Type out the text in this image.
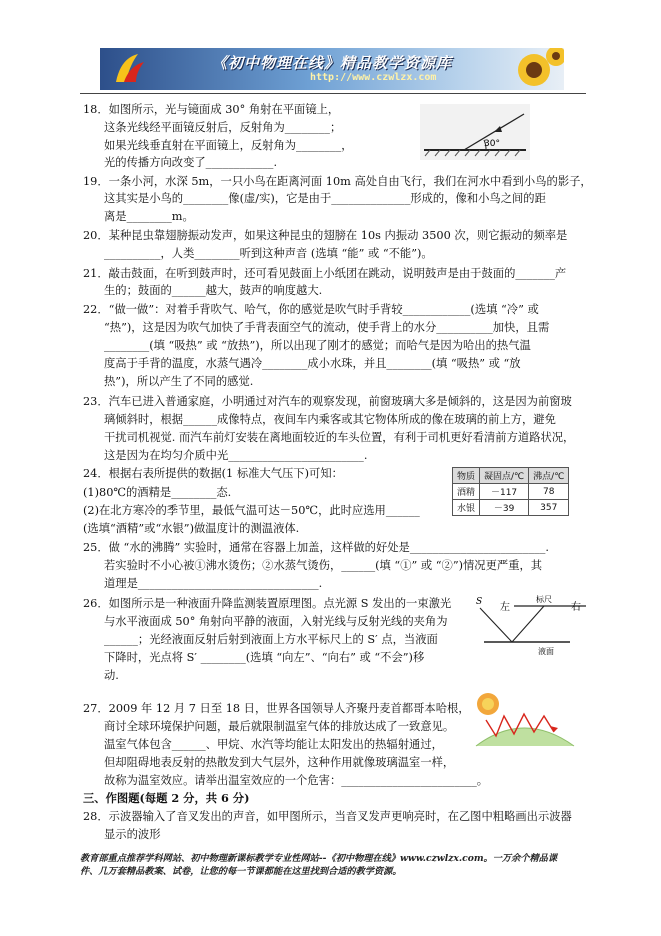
《初中物理在线》精品教学资源库
http://www.czwlzx.com
18．如图所示，光与镜面成 30° 角射在平面镜上，
这条光线经平面镜反射后，反射角为________；
如果光线垂直射在平面镜上，反射角为________，
光的传播方向改变了____________.
19．一条小河，水深 5m，一只小鸟在距离河面 10m 高处自由飞行，我们在河水中看到小鸟的影子，
这其实是小鸟的________像(虚/实)，它是由于______________形成的，像和小鸟之间的距
离是________m。
20．某种昆虫靠翅膀振动发声，如果这种昆虫的翅膀在 10s 内振动 3500 次，则它振动的频率是
__________，人类________听到这种声音 (选填 “能” 或 “不能”)。
21．敲击鼓面，在听到鼓声时，还可看见鼓面上小纸团在跳动，说明鼓声是由于鼓面的_______产
生的；鼓面的______越大，鼓声的响度越大.
22．“做一做”：对着手背吹气、哈气，你的感觉是吹气时手背较____________(选填 “冷” 或
“热”)，这是因为吹气加快了手背表面空气的流动，使手背上的水分__________加快，且需
________(填 “吸热” 或 “放热”)，所以出现了刚才的感觉；而哈气是因为哈出的热气温
度高于手背的温度，水蒸气遇冷________成小水珠，并且________(填 “吸热” 或 “放
热”)，所以产生了不同的感觉.
23．汽车已进入普通家庭，小明通过对汽车的观察发现，前窗玻璃大多是倾斜的，这是因为前窗玻
璃倾斜时，根据______成像特点，夜间车内乘客或其它物体所成的像在玻璃的前上方，避免
干扰司机视觉. 而汽车前灯安装在离地面较近的车头位置，有利于司机更好看清前方道路状况，
这是因为在均匀介质中光________________________.
24．根据右表所提供的数据(1 标准大气压下)可知：
(1)80℃的酒精是________态.
(2)在北方寒冷的季节里，最低气温可达－50℃，此时应选用______
(选填“酒精”或“水银”)做温度计的测温液体.
25．做 “水的沸腾” 实验时，通常在容器上加盖，这样做的好处是________________________.
若实验时不小心被①沸水烫伤；②水蒸气烫伤，______(填 “①” 或 “②”)情况更严重，其
道理是________________________________.
26．如图所示是一种液面升降监测装置原理图。点光源 S 发出的一束激光
与水平液面成 50° 角射向平静的液面，入射光线与反射光线的夹角为
______；光经液面反射后射到液面上方水平标尺上的 S′ 点，当液面
下降时，光点将 S′ ________(选填 “向左”、“向右” 或 “不会”)移
动.
27．2009 年 12 月 7 日至 18 日，世界各国领导人齐聚丹麦首都哥本哈根，
商讨全球环境保护问题，最后就限制温室气体的排放达成了一致意见。
温室气体包含______、甲烷、水汽等均能让太阳发出的热辐射通过，
但却阻碍地表反射的热散发到大气层外，这种作用就像玻璃温室一样，
故称为温室效应。请举出温室效应的一个危害：________________________。
三、作图题(每题 2 分，共 6 分)
28．示波器输入了音叉发出的声音，如甲图所示，当音叉发声更响亮时，在乙图中粗略画出示波器
显示的波形
30°
物质	凝固点/℃	沸点/℃
酒精	－117	78
水银	－39	357
左
标尺
右
S
液面
教育部重点推荐学科网站、初中物理新课标教学专业性网站--《初中物理在线》www.czwlzx.com。一万余个精品课
件、几万套精品教案、试卷，让您的每一节课都能在这里找到合适的教学资源。
